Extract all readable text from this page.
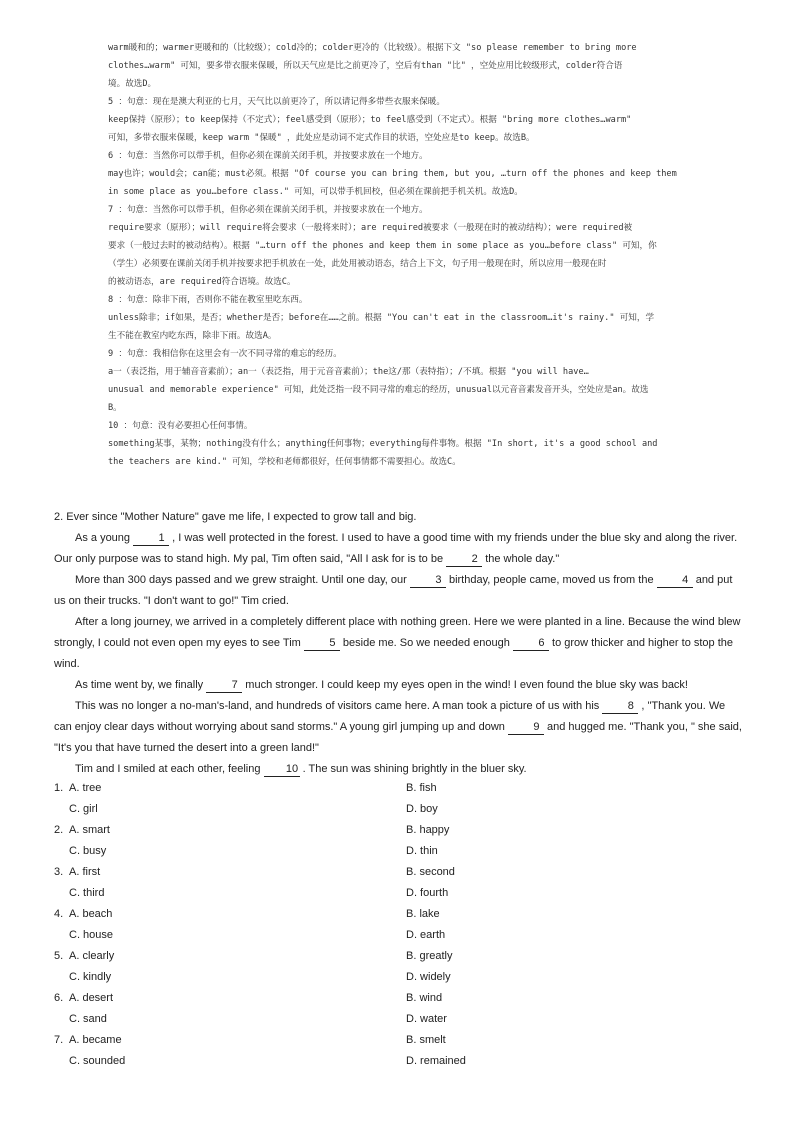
warm暖和的；warmer更暖和的（比较级）；cold冷的；colder更冷的（比较级）。根据下文 "so please remember to bring more

clothes…warm" 可知，要多带衣服来保暖，所以天气应是比之前更冷了，空后有than "比" ，空处应用比较级形式，colder符合语

境。故选D。

5 ：句意：现在是澳大利亚的七月，天气比以前更冷了，所以请记得多带些衣服来保暖。

keep保持（原形）；to keep保持（不定式）；feel感受到（原形）；to feel感受到（不定式）。根据 "bring more clothes…warm"

可知，多带衣服来保暖，keep warm "保暖" ，此处应是动词不定式作目的状语，空处应是to keep。故选B。

6 ：句意：当然你可以带手机，但你必须在课前关闭手机，并按要求放在一个地方。

may也许；would会；can能；must必须。根据 "Of course you can bring them, but you, …turn off the phones and keep them

in some place as you…before class." 可知，可以带手机回校，但必须在课前把手机关机。故选D。

7 ：句意：当然你可以带手机，但你必须在课前关闭手机，并按要求放在一个地方。

require要求（原形）；will require将会要求（一般将来时）；are required被要求（一般现在时的被动结构）；were required被

要求（一般过去时的被动结构）。根据 "…turn off the phones and keep them in some place as you…before class" 可知，你

（学生）必须要在课前关闭手机并按要求把手机放在一处，此处用被动语态，结合上下文，句子用一般现在时，所以应用一般现在时

的被动语态，are required符合语境。故选C。

8 ：句意：除非下雨，否则你不能在教室里吃东西。

unless除非；if如果，是否；whether是否；before在……之前。根据 "You can't eat in the classroom…it's rainy." 可知，学

生不能在教室内吃东西，除非下雨。故选A。

9 ：句意：我相信你在这里会有一次不同寻常的难忘的经历。

a一（表泛指，用于辅音音素前）；an一（表泛指，用于元音音素前）；the这/那（表特指）；/不填。根据 "you will have…

unusual and memorable experience" 可知，此处泛指一段不同寻常的难忘的经历，unusual以元音音素发音开头，空处应是an。故选

B。

10 ：句意：没有必要担心任何事情。

something某事，某物；nothing没有什么；anything任何事物；everything每件事物。根据 "In short, it's a good school and

the teachers are kind." 可知，学校和老师都很好，任何事情都不需要担心。故选C。

2. Ever since "Mother Nature" gave me life, I expected to grow tall and big.

As a young 1 , I was well protected in the forest. I used to have a good time with my friends under the blue sky and along the river. Our only purpose was to stand high. My pal, Tim often said, "All I ask for is to be 2 the whole day."

More than 300 days passed and we grew straight. Until one day, our 3 birthday, people came, moved us from the 4 and put us on their trucks. "I don't want to go!" Tim cried.

After a long journey, we arrived in a completely different place with nothing green. Here we were planted in a line. Because the wind blew strongly, I could not even open my eyes to see Tim 5 beside me. So we needed enough 6 to grow thicker and higher to stop the wind.

As time went by, we finally 7 much stronger. I could keep my eyes open in the wind! I even found the blue sky was back!

This was no longer a no-man's-land, and hundreds of visitors came here. A man took a picture of us with his 8 , "Thank you. We can enjoy clear days without worrying about sand storms." A young girl jumping up and down 9 and hugged me. "Thank you, " she said, "It's you that have turned the desert into a green land!"

Tim and I smiled at each other, feeling 10 . The sun was shining brightly in the bluer sky.

1. A. tree	B. fish
C. girl	D. boy
2. A. smart	B. happy
C. busy	D. thin
3. A. first	B. second
C. third	D. fourth
4. A. beach	B. lake
C. house	D. earth
5. A. clearly	B. greatly
C. kindly	D. widely
6. A. desert	B. wind
C. sand	D. water
7. A. became	B. smelt
C. sounded	D. remained
